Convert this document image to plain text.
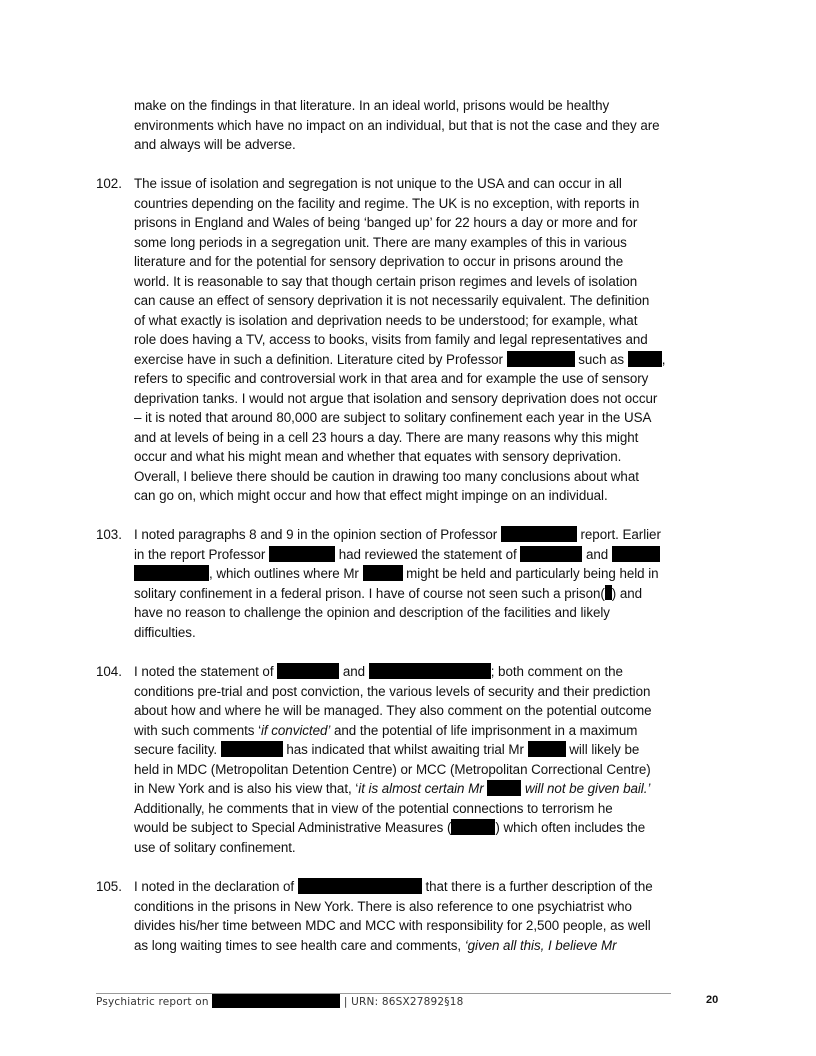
make on the findings in that literature. In an ideal world, prisons would be healthy
environments which have no impact on an individual, but that is not the case and they are
and always will be adverse.
102. The issue of isolation and segregation is not unique to the USA and can occur in all
countries depending on the facility and regime. The UK is no exception, with reports in
prisons in England and Wales of being ‘banged up’ for 22 hours a day or more and for
some long periods in a segregation unit. There are many examples of this in various
literature and for the potential for sensory deprivation to occur in prisons around the
world. It is reasonable to say that though certain prison regimes and levels of isolation
can cause an effect of sensory deprivation it is not necessarily equivalent. The definition
of what exactly is isolation and deprivation needs to be understood; for example, what
role does having a TV, access to books, visits from family and legal representatives and
exercise have in such a definition. Literature cited by Professor	such as	,
refers to specific and controversial work in that area and for example the use of sensory
deprivation tanks. I would not argue that isolation and sensory deprivation does not occur
– it is noted that around 80,000 are subject to solitary confinement each year in the USA
and at levels of being in a cell 23 hours a day. There are many reasons why this might
occur and what his might mean and whether that equates with sensory deprivation.
Overall, I believe there should be caution in drawing too many conclusions about what
can go on, which might occur and how that effect might impinge on an individual.
103. I noted paragraphs 8 and 9 in the opinion section of Professor	report. Earlier
in the report Professor	had reviewed the statement of	and
, which outlines where Mr	might be held and particularly being held in
solitary confinement in a federal prison. I have of course not seen such a prison( ) and
have no reason to challenge the opinion and description of the facilities and likely
difficulties.
104. I noted the statement of	and	; both comment on the
conditions pre-trial and post conviction, the various levels of security and their prediction
about how and where he will be managed. They also comment on the potential outcome
with such comments ‘if convicted’ and the potential of life imprisonment in a maximum
secure facility.	has indicated that whilst awaiting trial Mr	will likely be
held in MDC (Metropolitan Detention Centre) or MCC (Metropolitan Correctional Centre)
in New York and is also his view that, ‘it is almost certain Mr	will not be given bail.’
Additionally, he comments that in view of the potential connections to terrorism he
would be subject to Special Administrative Measures (	) which often includes the
use of solitary confinement.
105. I noted in the declaration of	that there is a further description of the
conditions in the prisons in New York. There is also reference to one psychiatrist who
divides his/her time between MDC and MCC with responsibility for 2,500 people, as well
as long waiting times to see health care and comments, ‘given all this, I believe Mr
Psychiatric report on	| URN: 86SX27892§18	20
